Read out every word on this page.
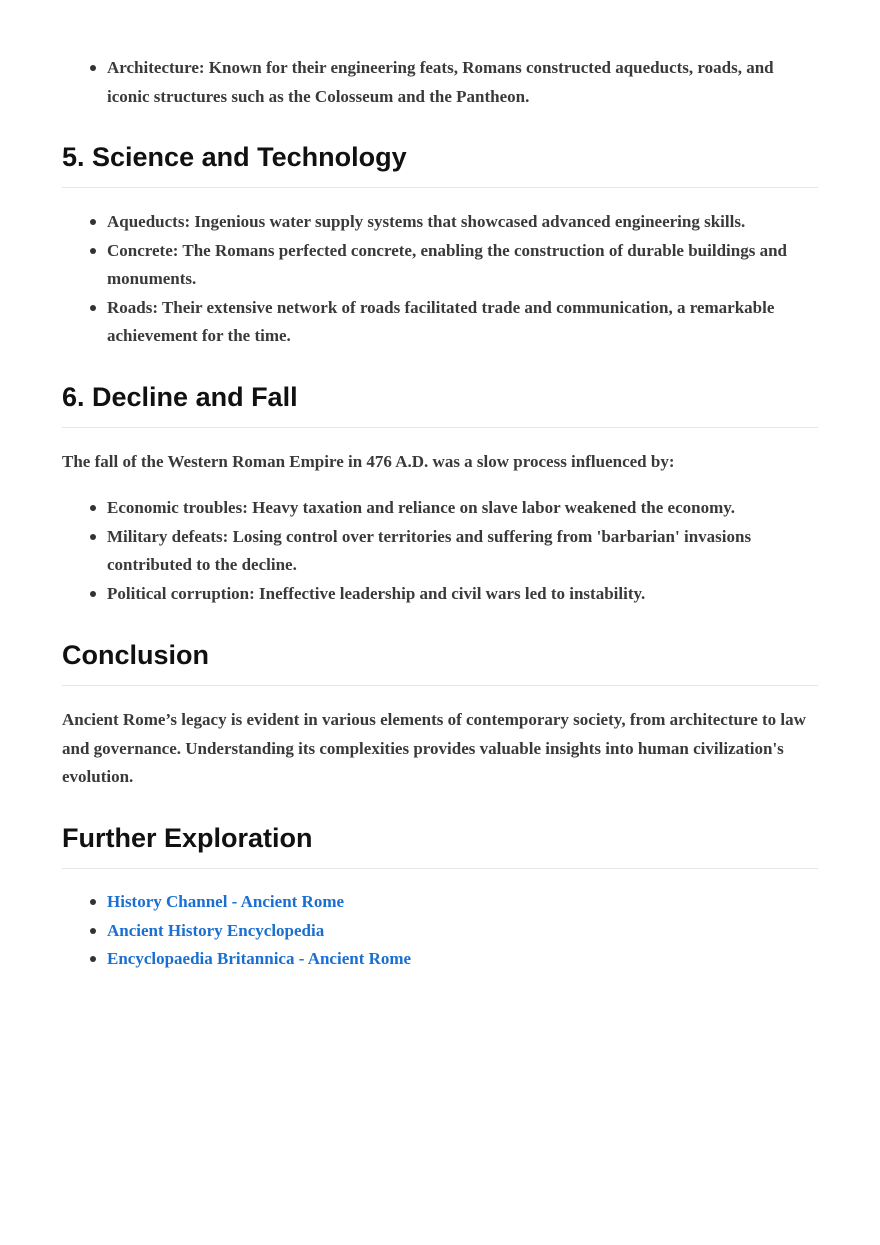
Architecture: Known for their engineering feats, Romans constructed aqueducts, roads, and iconic structures such as the Colosseum and the Pantheon.
5. Science and Technology
Aqueducts: Ingenious water supply systems that showcased advanced engineering skills.
Concrete: The Romans perfected concrete, enabling the construction of durable buildings and monuments.
Roads: Their extensive network of roads facilitated trade and communication, a remarkable achievement for the time.
6. Decline and Fall

The fall of the Western Roman Empire in 476 A.D. was a slow process influenced by:

Economic troubles: Heavy taxation and reliance on slave labor weakened the economy.
Military defeats: Losing control over territories and suffering from 'barbarian' invasions contributed to the decline.
Political corruption: Ineffective leadership and civil wars led to instability.
Conclusion

Ancient Rome’s legacy is evident in various elements of contemporary society, from architecture to law and governance. Understanding its complexities provides valuable insights into human civilization's evolution.

Further Exploration
History Channel - Ancient Rome
Ancient History Encyclopedia
Encyclopaedia Britannica - Ancient Rome
